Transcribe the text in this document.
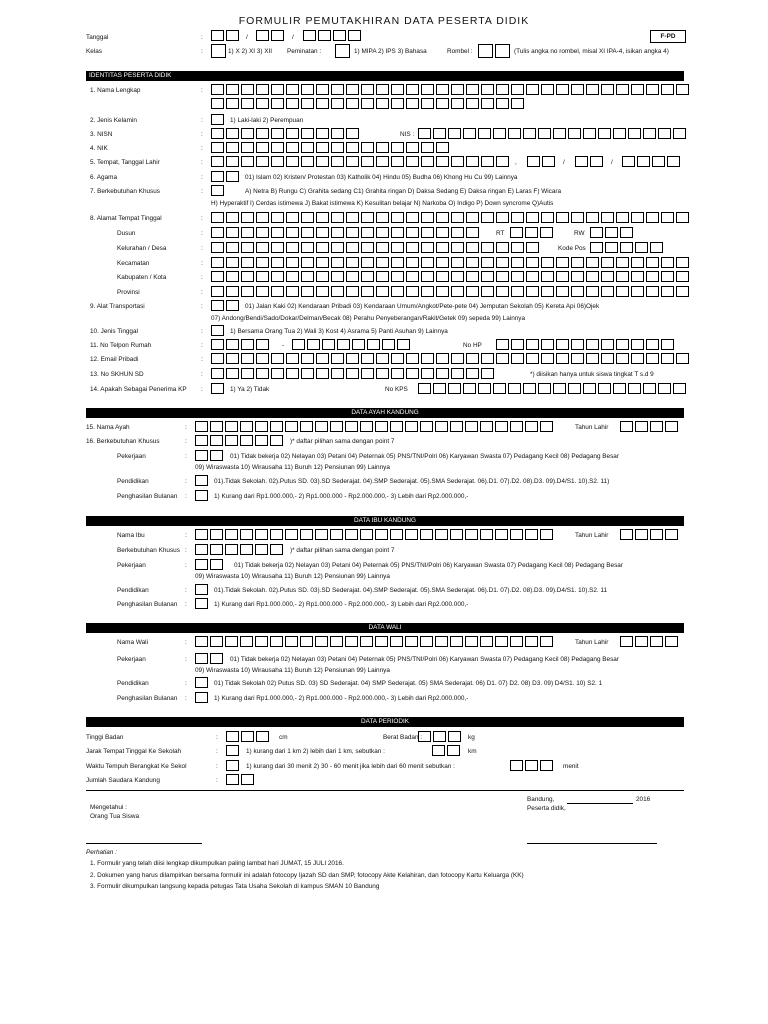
FORMULIR PEMUTAKHIRAN DATA PESERTA DIDIK
F-PD
Tanggal	:	/	/
Kelas	:	1) X 2) XI 3) XII Peminatan :	1) MIPA 2) IPS 3) Bahasa	Rombel :	(Tulis angka no rombel, misal XI IPA-4, isikan angka 4)
IDENTITAS PESERTA DIDIK
1. Nama Lengkap	:
2. Jenis Kelamin	:	1) Laki-laki 2) Perempuan
3. NISN	:	NIS :
4. NIK	:
5. Tempat, Tanggal Lahir	:	,	/	/
6. Agama	:	01) Islam 02) Kristen/ Protestan 03) Katholik 04) Hindu 05) Budha 06) Khong Hu Cu 99) Lainnya
7. Berkebutuhan Khusus	:	A) Netra B) Rungu C) Grahita sedang C1) Grahita ringan D) Daksa Sedang E) Daksa ringan E) Laras F) Wicara
H) Hyperaktif I) Cerdas istimewa J) Bakat istimewa K) Kesulitan belajar N) Narkoba O) Indigo P) Down syncrome Q)Autis
8. Alamat Tempat Tinggal	:
Dusun	:	RT	RW
Kelurahan / Desa	:	Kode Pos
Kecamatan	:
Kabupaten / Kota	:
Provinsi	:
9. Alat Transportasi	:	01) Jalan Kaki 02) Kendaraan Pribadi 03) Kendaraan Umum/Angkot/Pete-pete 04) Jemputan Sekolah 05) Kereta Api 06)Ojek
07) Andong/Bendi/Sado/Dokar/Delman/Becak 08) Perahu Penyeberangan/Rakit/Getek 09) sepeda 99) Lainnya
10. Jenis Tinggal	:	1) Bersama Orang Tua 2) Wali 3) Kost 4) Asrama 5) Panti Asuhan 9) Lainnya
11. No Telpon Rumah	:	-	No HP
12. Email Pribadi	:
13. No SKHUN SD	:	*) diisikan hanya untuk siswa tingkat T s.d 9
14. Apakah Sebagai Penerima KP :	1) Ya 2) Tidak	No KPS
DATA AYAH KANDUNG
15. Nama Ayah	:	Tahun Lahir
16. Berkebutuhan Khusus	:	)* daftar pilihan sama dengan point 7
Pekerjaan	:	01) Tidak bekerja 02) Nelayan 03) Petani 04) Peternak 05) PNS/TNI/Polri 06) Karyawan Swasta 07) Pedagang Kecil 08) Pedagang Besar
09) Wiraswasta 10) Wirausaha 11) Buruh 12) Pensiunan 99) Lainnya
Pendidikan	:	01).Tidak Sekolah. 02).Putus SD. 03).SD Sederajat. 04).SMP Sederajat. 05).SMA Sederajat. 06).D1. 07).D2. 08).D3. 09).D4/S1. 10).S2. 11)
Penghasilan Bulanan :	1) Kurang dari Rp1.000.000,- 2) Rp1.000.000 - Rp2.000.000,- 3) Lebih dari Rp2.000.000,-
DATA IBU KANDUNG
Nama Ibu	:	Tahun Lahir
Berkebutuhan Khusus :	)* daftar pilihan sama dengan point 7
Pekerjaan	:	01) Tidak bekerja 02) Nelayan 03) Petani 04) Peternak 05) PNS/TNI/Polri 06) Karyawan Swasta 07) Pedagang Kecil 08) Pedagang Besar
09) Wiraswasta 10) Wirausaha 11) Buruh 12) Pensiunan 99) Lainnya
Pendidikan	:	01).Tidak Sekolah. 02).Putus SD. 03).SD Sederajat. 04).SMP Sederajat. 05).SMA Sederajat. 06).D1. 07).D2. 08).D3. 09).D4/S1. 10).S2. 11
Penghasilan Bulanan :	1) Kurang dari Rp1.000.000,- 2) Rp1.000.000 - Rp2.000.000,- 3) Lebih dari Rp2.000.000,-
DATA WALI
Nama Wali	:	Tahun Lahir
Pekerjaan	:	01) Tidak bekerja 02) Nelayan 03) Petani 04) Peternak 05) PNS/TNI/Polri 06) Karyawan Swasta 07) Pedagang Kecil 08) Pedagang Besar
09) Wiraswasta 10) Wirausaha 11) Buruh 12) Pensiunan 99) Lainnya
Pendidikan	:	01) Tidak Sekolah 02) Putus SD. 03) SD Sederajat. 04) SMP Sederajat. 05) SMA Sederajat. 06) D1. 07) D2. 08) D3. 09) D4/S1. 10) S2. 1
Penghasilan Bulanan :	1) Kurang dari Rp1.000.000,- 2) Rp1.000.000 - Rp2.000.000,- 3) Lebih dari Rp2.000.000,-
DATA PERIODIK
Tinggi Badan	:	cm	Berat Badan :	kg
Jarak Tempat Tinggal Ke Sekolah	:	1) kurang dari 1 km 2) lebih dari 1 km, sebutkan :	km
Waktu Tempuh Berangkat Ke Sekol	:	1) kurang dari 30 menit 2) 30 - 60 menit jika lebih dari 60 menit sebutkan :	menit
Jumlah Saudara Kandung	:
Bandung,	2016
Peserta didik,
Mengetahui :
Orang Tua Siswa
Perhatian :
1. Formulir yang telah diisi lengkap dikumpulkan paling lambat hari JUMAT, 15 JULI 2016.
2. Dokumen yang harus dilampirkan bersama formulir ini adalah fotocopy Ijazah SD dan SMP, fotocopy Akte Kelahiran, dan fotocopy Kartu Keluarga (KK)
3. Formulir dikumpulkan langsung kepada petugas Tata Usaha Sekolah di kampus SMAN 10 Bandung
